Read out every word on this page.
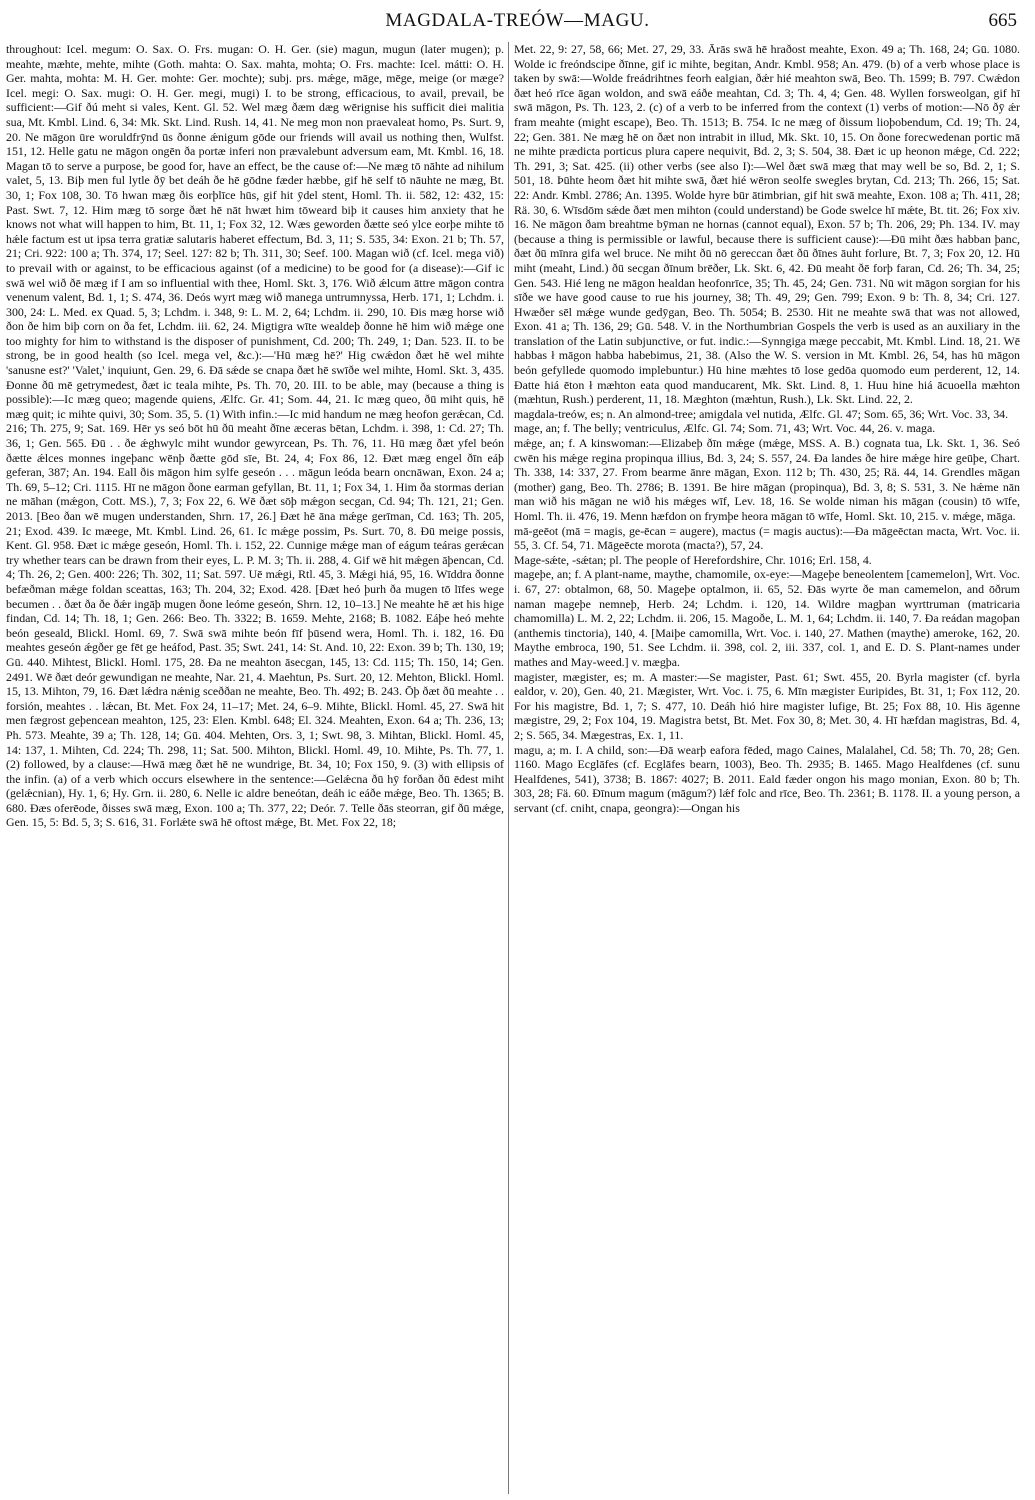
MAGDALA-TREÓW—MAGU.	665

throughout: Icel. megum: O. Sax. O. Frs. mugan: O. H. Ger. (sie) magun, mugun (later mugen); p. meahte, mæhte, mehte, mihte (Goth. mahta: O. Sax. mahta, mohta; O. Frs. machte: Icel. mátti: O. H. Ger. mahta, mohta: M. H. Ger. mohte: Ger. mochte); subj. prs. mǽge, māge, mēge, meige (or mæge? Icel. megi: O. Sax. mugi: O. H. Ger. megi, mugi) I. to be strong, efficacious, to avail, prevail, be sufficient:—Gif ðú meht si vales, Kent. Gl. 52. Wel mæg ðæm dæg wērignise his sufficit diei malitia sua, Mt. Kmbl. Lind. 6, 34: Mk. Skt. Lind. Rush. 14, 41. Ne meg mon non praevaleat homo, Ps. Surt. 9, 20. Ne māgon ūre woruldfrȳnd ūs ðonne ǽnigum gōde our friends will avail us nothing then, Wulfst. 151, 12. Helle gatu ne māgon ongēn ða portæ inferi non prævalebunt adversum eam, Mt. Kmbl. 16, 18. Magan tō to serve a purpose, be good for, have an effect, be the cause of:—Ne mæg tō nāhte ad nihilum valet, 5, 13. Biþ men ful lytle ðȳ bet deáh ðe hē gōdne fæder hæbbe, gif hē self tō nāuhte ne mæg, Bt. 30, 1; Fox 108, 30. Tō hwan mæg ðis eorþlīce hūs, gif hit ȳdel stent, Homl. Th. ii. 582, 12: 432, 15: Past. Swt. 7, 12. Him mæg tō sorge ðæt hē nāt hwæt him tōweard biþ it causes him anxiety that he knows not what will happen to him, Bt. 11, 1; Fox 32, 12. Wæs geworden ðætte seó ylce eorþe mihte tō hǽle factum est ut ipsa terra gratiæ salutaris haberet effectum, Bd. 3, 11; S. 535, 34: Exon. 21 b; Th. 57, 21; Cri. 922: 100 a; Th. 374, 17; Seel. 127: 82 b; Th. 311, 30; Seef. 100. Magan wið (cf. Icel. mega við) to prevail with or against, to be efficacious against (of a medicine) to be good for (a disease):—Gif ic swā wel wið ðē mæg if I am so influential with thee, Homl. Skt. 3, 176. Wið ǽlcum āttre māgon contra venenum valent, Bd. 1, 1; S. 474, 36. Deós wyrt mæg wið manega untrumnyssa, Herb. 171, 1; Lchdm. i. 300, 24: L. Med. ex Quad. 5, 3; Lchdm. i. 348, 9: L. M. 2, 64; Lchdm. ii. 290, 10. Ðis mæg horse wið ðon ðe him biþ corn on ða fet, Lchdm. iii. 62, 24. Migtigra wīte wealdeþ ðonne hē him wið mǽge one too mighty for him to withstand is the disposer of punishment, Cd. 200; Th. 249, 1; Dan. 523. II. to be strong, be in good health (so Icel. mega vel, &c.):—'Hū mæg hē?' Hig cwǽdon ðæt hē wel mihte 'sanusne est?' 'Valet,' inquiunt, Gen. 29, 6. Ðā sǽde se cnapa ðæt hē swīðe wel mihte, Homl. Skt. 3, 435. Ðonne ðū mē getrymedest, ðæt ic teala mihte, Ps. Th. 70, 20. III. to be able, may (because a thing is possible):—Ic mæg queo; magende quiens, Ælfc. Gr. 41; Som. 44, 21. Ic mæg queo, ðū miht quis, hē mæg quit; ic mihte quivi, 30; Som. 35, 5. (1) With infin.:—Ic mid handum ne mæg heofon gerǽcan, Cd. 216; Th. 275, 9; Sat. 169. Hēr ys seó bōt hū ðū meaht ðīne æceras bētan, Lchdm. i. 398, 1: Cd. 27; Th. 36, 1; Gen. 565. Ðū . . ðe ǽghwylc miht wundor gewyrcean, Ps. Th. 76, 11. Hū mæg ðæt yfel beón ðætte ǽlces monnes ingeþanc wēnþ ðætte gōd sīe, Bt. 24, 4; Fox 86, 12. Ðæt mæg engel ðīn eáþ geferan, 387; An. 194. Eall ðis māgon him sylfe geseón . . . māgun leóda bearn oncnāwan, Exon. 24 a; Th. 69, 5–12; Cri. 1115. Hī ne māgon ðone earman gefyllan, Bt. 11, 1; Fox 34, 1. Him ða stormas derian ne māhan (mǽgon, Cott. MS.), 7, 3; Fox 22, 6. Wē ðæt sōþ mǽgon secgan, Cd. 94; Th. 121, 21; Gen. 2013. [Beo ðan wē mugen understanden, Shrn. 17, 26.] Ðæt hē āna mǽge gerīman, Cd. 163; Th. 205, 21; Exod. 439. Ic mæege, Mt. Kmbl. Lind. 26, 61. Ic mǽge possim, Ps. Surt. 70, 8. Ðū meige possis, Kent. Gl. 958. Ðæt ic mǽge geseón, Homl. Th. i. 152, 22. Cunnige mǽge man of eágum teáras gerǽcan try whether tears can be drawn from their eyes, L. P. M. 3; Th. ii. 288, 4. Gif wē hit mǽgen āþencan, Cd. 4; Th. 26, 2; Gen. 400: 226; Th. 302, 11; Sat. 597. Uē mǽgi, Rtl. 45, 3. Mǽgi hiá, 95, 16. Wīddra ðonne befæðman mǽge foldan sceattas, 163; Th. 204, 32; Exod. 428. [Ðæt heó þurh ða mugen tō līfes wege becumen . . ðæt ða ðe ðǽr ingāþ mugen ðone leóme geseón, Shrn. 12, 10–13.] Ne meahte hē æt his hige findan, Cd. 14; Th. 18, 1; Gen. 266: Beo. Th. 3322; B. 1659. Mehte, 2168; B. 1082. Eáþe heó mehte beón geseald, Blickl. Homl. 69, 7. Swā swā mihte beón fīf þūsend wera, Homl. Th. i. 182, 16. Ðū meahtes geseón ǽgðer ge fēt ge heáfod, Past. 35; Swt. 241, 14: St. And. 10, 22: Exon. 39 b; Th. 130, 19; Gū. 440. Mihtest, Blickl. Homl. 175, 28. Ða ne meahton āsecgan, 145, 13: Cd. 115; Th. 150, 14; Gen. 2491. Wē ðæt deór gewundigan ne meahte, Nar. 21, 4. Maehtun, Ps. Surt. 20, 12. Mehton, Blickl. Homl. 15, 13. Mihton, 79, 16. Ðæt lǽdra nǽnig sceððan ne meahte, Beo. Th. 492; B. 243. Ōþ ðæt ðū meahte . . forsión, meahtes . . lǽcan, Bt. Met. Fox 24, 11–17; Met. 24, 6–9. Mihte, Blickl. Homl. 45, 27. Swā hit men fægrost geþencean meahton, 125, 23: Elen. Kmbl. 648; El. 324. Meahten, Exon. 64 a; Th. 236, 13; Ph. 573. Meahte, 39 a; Th. 128, 14; Gū. 404. Mehten, Ors. 3, 1; Swt. 98, 3. Mihtan, Blickl. Homl. 45, 14: 137, 1. Mihten, Cd. 224; Th. 298, 11; Sat. 500. Mihton, Blickl. Homl. 49, 10. Mihte, Ps. Th. 77, 1. (2) followed, by a clause:—Hwā mæg ðæt hē ne wundrige, Bt. 34, 10; Fox 150, 9. (3) with ellipsis of the infin. (a) of a verb which occurs elsewhere in the sentence:—Gelǽcna ðū hȳ forðan ðū ēdest miht (gelǽcnian), Hy. 1, 6; Hy. Grn. ii. 280, 6. Nelle ic aldre beneótan, deáh ic eáðe mǽge, Beo. Th. 1365; B. 680. Ðæs oferēode, ðisses swā mæg, Exon. 100 a; Th. 377, 22; Deór. 7. Telle ðās steorran, gif ðū mǽge, Gen. 15, 5: Bd. 5, 3; S. 616, 31. Forlǽte swā hē oftost mǽge, Bt. Met. Fox 22, 18;

Met. 22, 9: 27, 58, 66; Met. 27, 29, 33. Ārās swā hē hraðost meahte, Exon. 49 a; Th. 168, 24; Gū. 1080. Wolde ic freóndscipe ðīnne, gif ic mihte, begitan, Andr. Kmbl. 958; An. 479. (b) of a verb whose place is taken by swā:—Wolde freádrihtnes feorh ealgian, ðǽr hié meahton swā, Beo. Th. 1599; B. 797. Cwǽdon ðæt heó rīce āgan woldon, and swā eáðe meahtan, Cd. 3; Th. 4, 4; Gen. 48. Wyllen forsweolgan, gif hī swā māgon, Ps. Th. 123, 2. (c) of a verb to be inferred from the context (1) verbs of motion:—Nō ðȳ ǽr fram meahte (might escape), Beo. Th. 1513; B. 754. Ic ne mæg of ðissum lioþobendum, Cd. 19; Th. 24, 22; Gen. 381. Ne mæg hē on ðæt non intrabit in illud, Mk. Skt. 10, 15. On ðone forecwedenan portic mā ne mihte prædicta porticus plura capere nequivit, Bd. 2, 3; S. 504, 38. Ðæt ic up heonon mǽge, Cd. 222; Th. 291, 3; Sat. 425. (ii) other verbs (see also I):—Wel ðæt swā mæg that may well be so, Bd. 2, 1; S. 501, 18. Þūhte heom ðæt hit mihte swā, ðæt hié wēron seolfe swegles brytan, Cd. 213; Th. 266, 15; Sat. 22: Andr. Kmbl. 2786; An. 1395. Wolde hyre būr ātimbrian, gif hit swā meahte, Exon. 108 a; Th. 411, 28; Rä. 30, 6. Wīsdōm sǽde ðæt men mihton (could understand) be Gode swelce hī mǽte, Bt. tit. 26; Fox xiv. 16. Ne māgon ðam breahtme bȳman ne hornas (cannot equal), Exon. 57 b; Th. 206, 29; Ph. 134. IV. may (because a thing is permissible or lawful, because there is sufficient cause):—Ðū miht ðæs habban þanc, ðæt ðū mīnra gifa wel bruce. Ne miht ðū nō gereccan ðæt ðū ðīnes āuht forlure, Bt. 7, 3; Fox 20, 12. Hū miht (meaht, Lind.) ðū secgan ðīnum brēðer, Lk. Skt. 6, 42. Ðū meaht ðē forþ faran, Cd. 26; Th. 34, 25; Gen. 543. Hié leng ne māgon healdan heofonrīce, 35; Th. 45, 24; Gen. 731. Nū wit māgon sorgian for his sīðe we have good cause to rue his journey, 38; Th. 49, 29; Gen. 799; Exon. 9 b: Th. 8, 34; Cri. 127. Hwæðer sēl mǽge wunde gedȳgan, Beo. Th. 5054; B. 2530. Hit ne meahte swā that was not allowed, Exon. 41 a; Th. 136, 29; Gū. 548. V. in the Northumbrian Gospels the verb is used as an auxiliary in the translation of the Latin subjunctive, or fut. indic.:—Synngiga mæge peccabit, Mt. Kmbl. Lind. 18, 21. Wē habbas ł māgon habba habebimus, 21, 38. (Also the W. S. version in Mt. Kmbl. 26, 54, has hū māgon beón gefyllede quomodo implebuntur.) Hū hine mæhtes tō lose gedōa quomodo eum perderent, 12, 14. Ðatte hiá ēton ł mæhton eata quod manducarent, Mk. Skt. Lind. 8, 1. Huu hine hiá ācuoella mæhton (mæhtun, Rush.) perderent, 11, 18. Mæghton (mæhtun, Rush.), Lk. Skt. Lind. 22, 2.

magdala-treów, es; n. An almond-tree; amigdala vel nutida, Ælfc. Gl. 47; Som. 65, 36; Wrt. Voc. 33, 34.

mage, an; f. The belly; ventriculus, Ælfc. Gl. 74; Som. 71, 43; Wrt. Voc. 44, 26. v. maga.

mǽge, an; f. A kinswoman:—Elizabeþ ðīn mǽge (mǽge, MSS. A. B.) cognata tua, Lk. Skt. 1, 36. Seó cwēn his mǽge regina propinqua illius, Bd. 3, 24; S. 557, 24. Ða landes ðe hire mǽge hire geūþe, Chart. Th. 338, 14: 337, 27. From bearme ānre māgan, Exon. 112 b; Th. 430, 25; Rä. 44, 14. Grendles māgan (mother) gang, Beo. Th. 2786; B. 1391. Be hire māgan (propinqua), Bd. 3, 8; S. 531, 3. Ne hǽme nān man wið his māgan ne wið his mǽges wīf, Lev. 18, 16. Se wolde niman his māgan (cousin) tō wīfe, Homl. Th. ii. 476, 19. Menn hæfdon on frymþe heora māgan tō wīfe, Homl. Skt. 10, 215. v. mǽge, māga.

mā-geēot (mā = magis, ge-ēcan = augere), mactus (= magis auctus):—Ða māgeēctan macta, Wrt. Voc. ii. 55, 3. Cf. 54, 71. Māgeēcte morota (macta?), 57, 24.

Mage-sǽte, -sǽtan; pl. The people of Herefordshire, Chr. 1016; Erl. 158, 4.

mageþe, an; f. A plant-name, maythe, chamomile, ox-eye:—Mageþe beneolentem [camemelon], Wrt. Voc. i. 67, 27: obtalmon, 68, 50. Mageþe optalmon, ii. 65, 52. Ðās wyrte ðe man camemelon, and ōðrum naman mageþe nemneþ, Herb. 24; Lchdm. i. 120, 14. Wildre magþan wyrttruman (matricaria chamomilla) L. M. 2, 22; Lchdm. ii. 206, 15. Magoðe, L. M. 1, 64; Lchdm. ii. 140, 7. Ða reádan magoþan (anthemis tinctoria), 140, 4. [Maiþe camomilla, Wrt. Voc. i. 140, 27. Mathen (maythe) ameroke, 162, 20. Maythe embroca, 190, 51. See Lchdm. ii. 398, col. 2, iii. 337, col. 1, and E. D. S. Plant-names under mathes and May-weed.] v. mægþa.

magister, mægister, es; m. A master:—Se magister, Past. 61; Swt. 455, 20. Byrla magister (cf. byrla ealdor, v. 20), Gen. 40, 21. Mægister, Wrt. Voc. i. 75, 6. Mīn mægister Euripides, Bt. 31, 1; Fox 112, 20. For his magistre, Bd. 1, 7; S. 477, 10. Deáh hió hire magister lufige, Bt. 25; Fox 88, 10. His āgenne mægistre, 29, 2; Fox 104, 19. Magistra betst, Bt. Met. Fox 30, 8; Met. 30, 4. Hī hæfdan magistras, Bd. 4, 2; S. 565, 34. Mægestras, Ex. 1, 11.

magu, a; m. I. A child, son:—Ðā wearþ eafora fēded, mago Caines, Malalahel, Cd. 58; Th. 70, 28; Gen. 1160. Mago Ecglāfes (cf. Ecglāfes bearn, 1003), Beo. Th. 2935; B. 1465. Mago Healfdenes (cf. sunu Healfdenes, 541), 3738; B. 1867: 4027; B. 2011. Eald fæder ongon his mago monian, Exon. 80 b; Th. 303, 28; Fä. 60. Ðīnum magum (māgum?) lǽf folc and rīce, Beo. Th. 2361; B. 1178. II. a young person, a servant (cf. cniht, cnapa, geongra):—Ongan his
